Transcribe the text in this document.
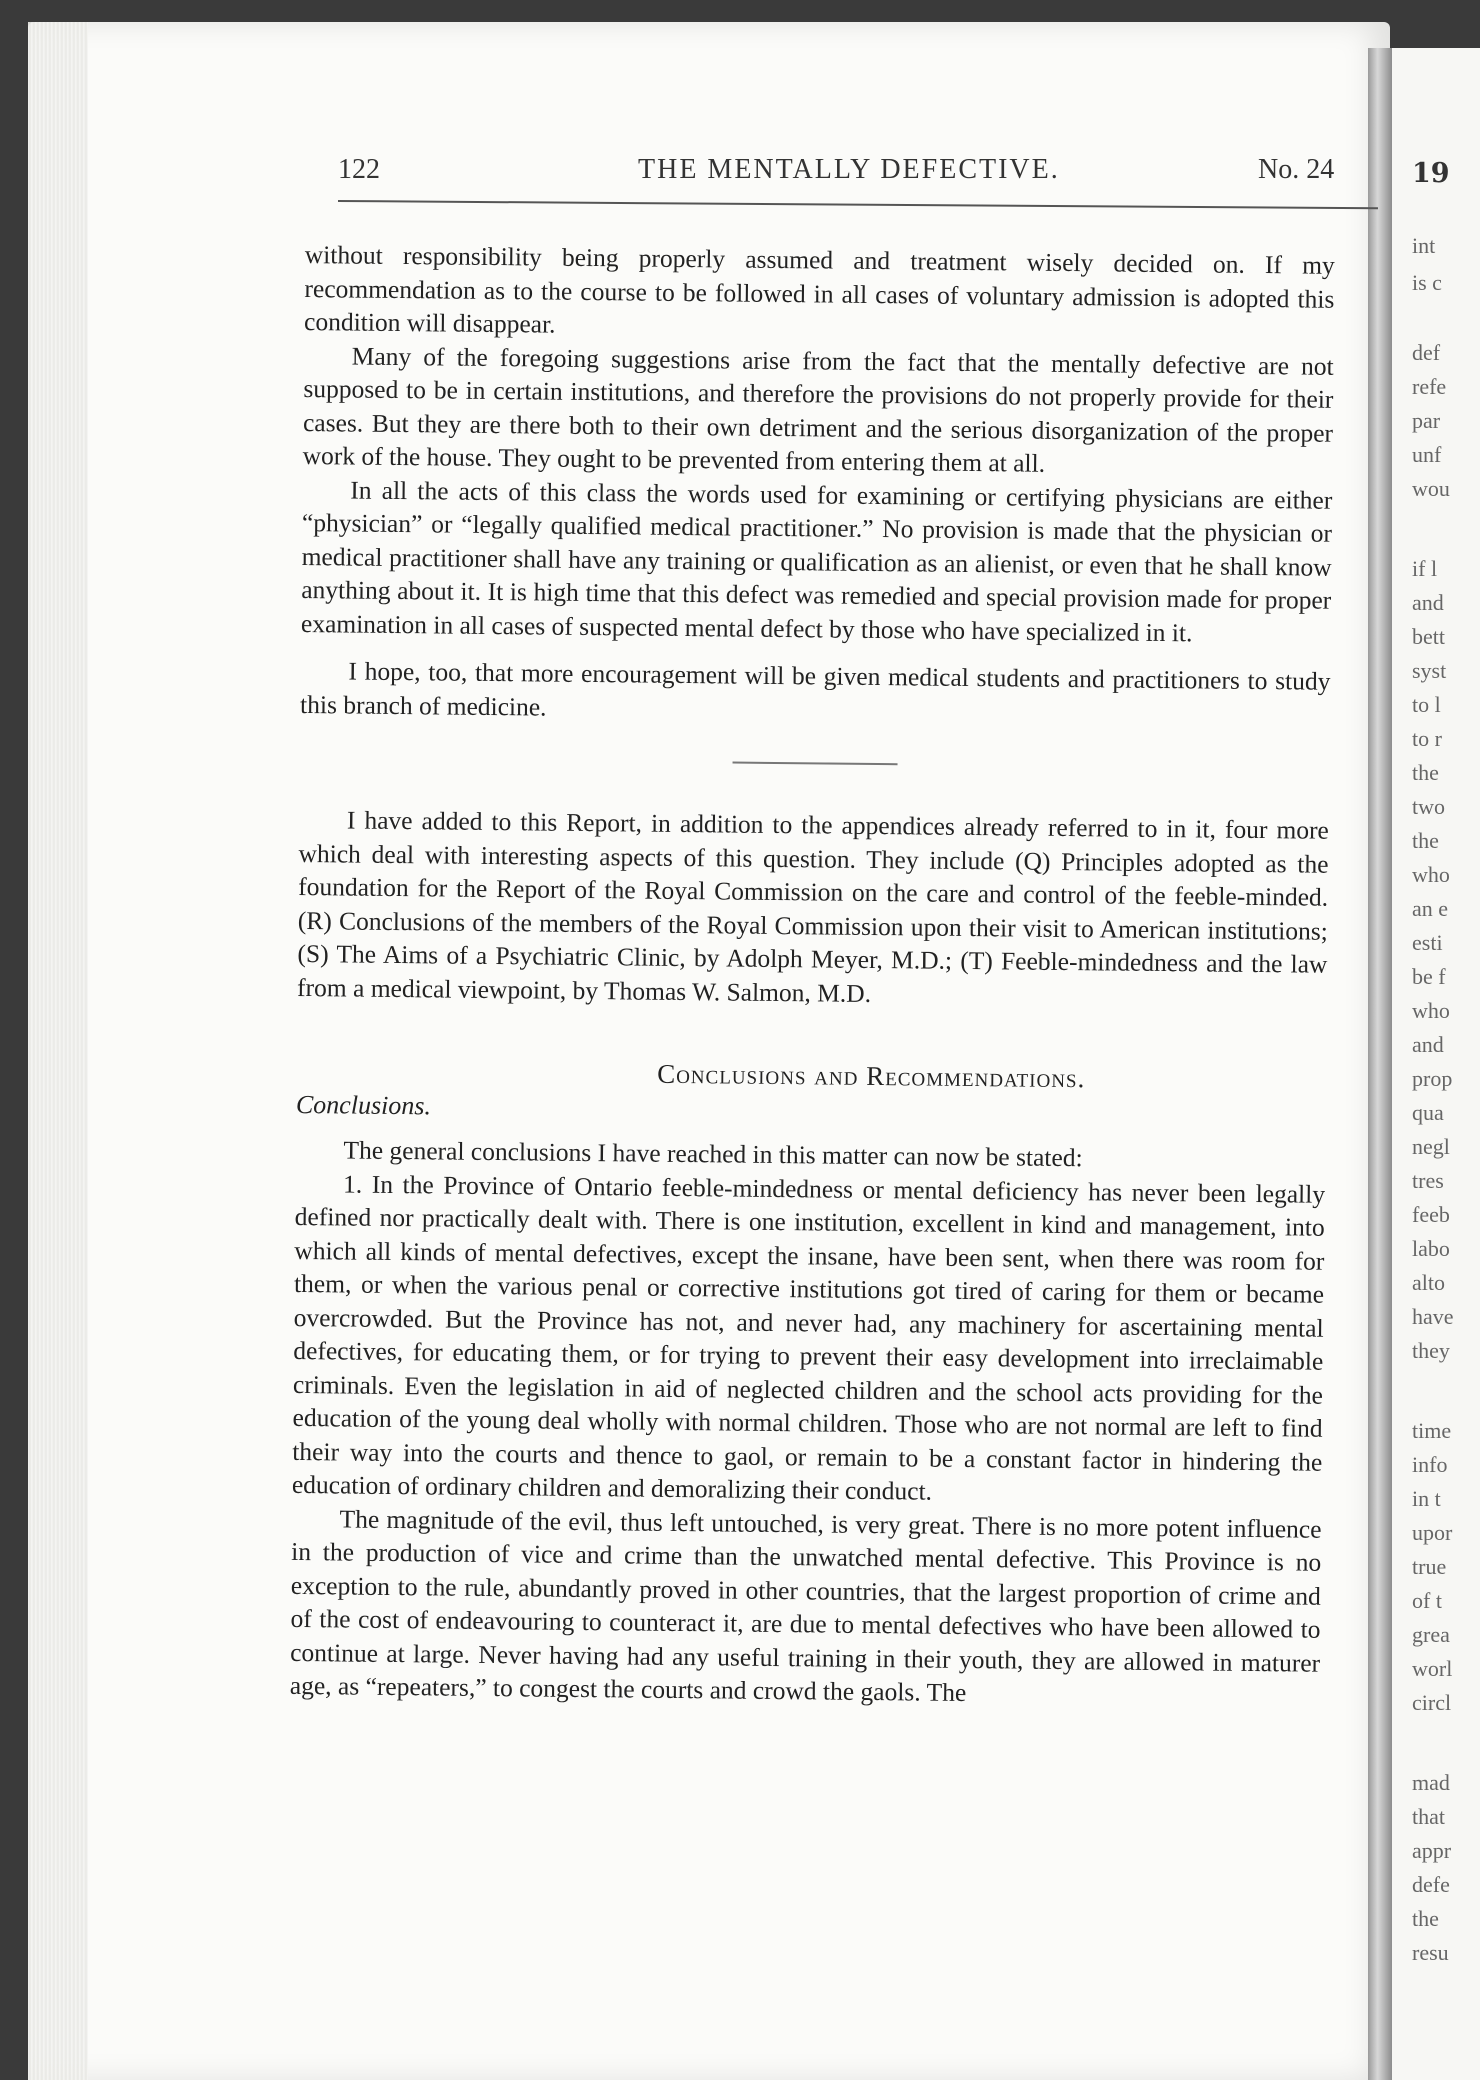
19
int
is c
def
refe
par
unf
wou
if l
and
bett
syst
to l
to r
the
two
the
who
an e
esti
be f
who
and
prop
qua
negl
tres
feeb
labo
alto
have
they
time
info
in t
upor
true
of t
grea
worl
circl
mad
that
appr
defe
the
resu
122	THE MENTALLY DEFECTIVE.	No. 24

without responsibility being properly assumed and treatment wisely decided on. If my recommendation as to the course to be followed in all cases of voluntary admission is adopted this condition will disappear.

Many of the foregoing suggestions arise from the fact that the mentally defective are not supposed to be in certain institutions, and therefore the provisions do not properly provide for their cases. But they are there both to their own detriment and the serious disorganization of the proper work of the house. They ought to be prevented from entering them at all.

In all the acts of this class the words used for examining or certifying physicians are either “physician” or “legally qualified medical practitioner.” No provision is made that the physician or medical practitioner shall have any training or qualification as an alienist, or even that he shall know anything about it. It is high time that this defect was remedied and special provision made for proper examination in all cases of suspected mental defect by those who have specialized in it.

I hope, too, that more encouragement will be given medical students and practitioners to study this branch of medicine.

I have added to this Report, in addition to the appendices already referred to in it, four more which deal with interesting aspects of this question. They include (Q) Principles adopted as the foundation for the Report of the Royal Commission on the care and control of the feeble-minded. (R) Conclusions of the members of the Royal Commission upon their visit to American institutions; (S) The Aims of a Psychiatric Clinic, by Adolph Meyer, M.D.; (T) Feeble-mindedness and the law from a medical viewpoint, by Thomas W. Salmon, M.D.

Conclusions and Recommendations.
Conclusions.

The general conclusions I have reached in this matter can now be stated:

1. In the Province of Ontario feeble-mindedness or mental deficiency has never been legally defined nor practically dealt with. There is one institution, excellent in kind and management, into which all kinds of mental defectives, except the insane, have been sent, when there was room for them, or when the various penal or corrective institutions got tired of caring for them or became overcrowded. But the Province has not, and never had, any machinery for ascertaining mental defectives, for educating them, or for trying to prevent their easy development into irreclaimable criminals. Even the legislation in aid of neglected children and the school acts providing for the education of the young deal wholly with normal children. Those who are not normal are left to find their way into the courts and thence to gaol, or remain to be a constant factor in hindering the education of ordinary children and demoralizing their conduct.

The magnitude of the evil, thus left untouched, is very great. There is no more potent influence in the production of vice and crime than the unwatched mental defective. This Province is no exception to the rule, abundantly proved in other countries, that the largest proportion of crime and of the cost of endeavouring to counteract it, are due to mental defectives who have been allowed to continue at large. Never having had any useful training in their youth, they are allowed in maturer age, as “repeaters,” to congest the courts and crowd the gaols. The
